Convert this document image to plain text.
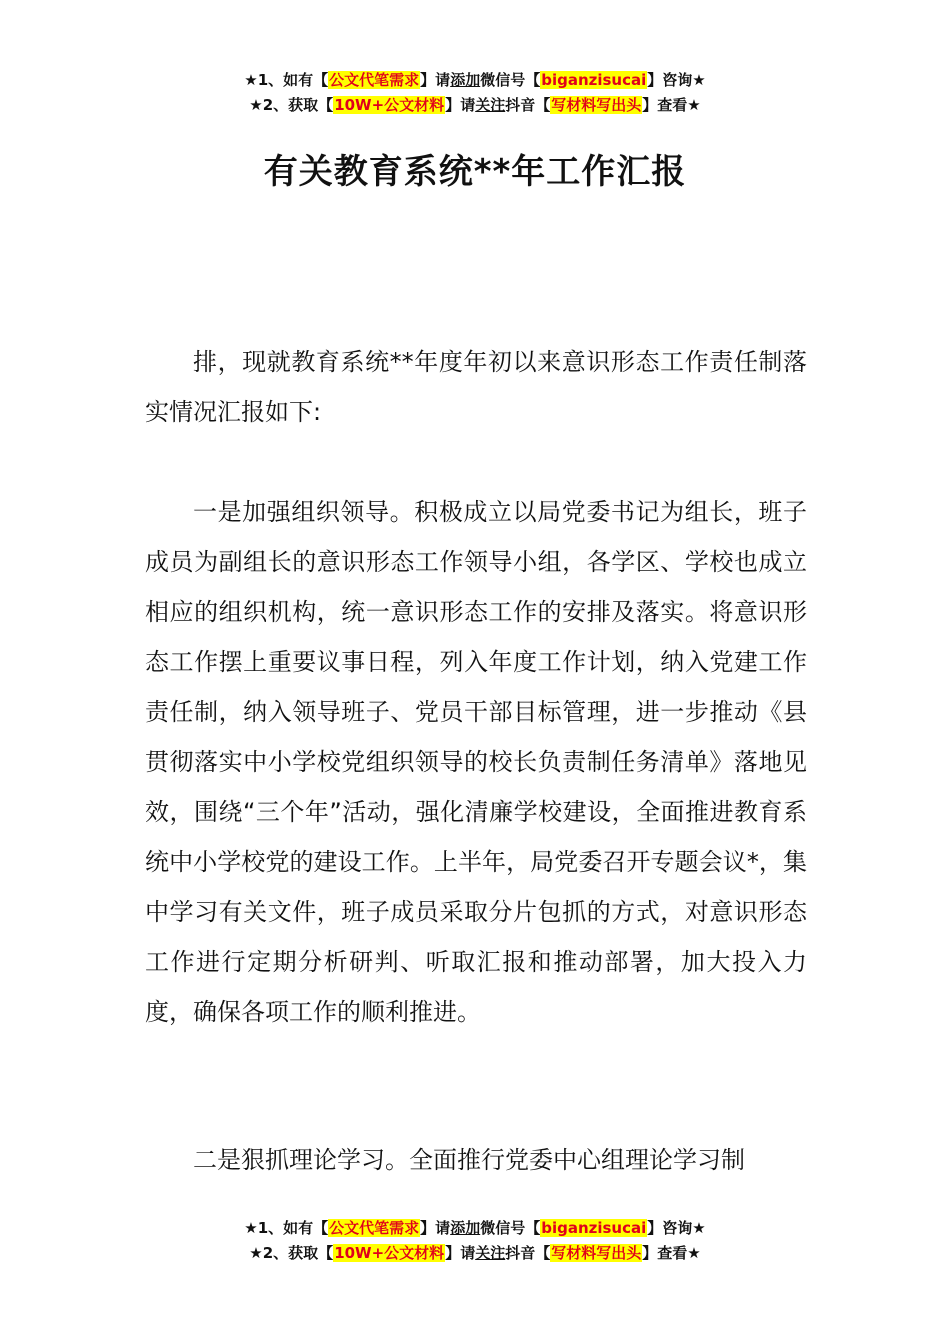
★1、如有【公文代笔需求】请添加微信号【biganzisucai】咨询★
★2、获取【10W+公文材料】请关注抖音【写材料写出头】查看★
有关教育系统**年工作汇报

排，现就教育系统**年度年初以来意识形态工作责任制落实情况汇报如下:

一是加强组织领导。积极成立以局党委书记为组长，班子成员为副组长的意识形态工作领导小组，各学区、学校也成立相应的组织机构，统一意识形态工作的安排及落实。将意识形态工作摆上重要议事日程，列入年度工作计划，纳入党建工作责任制，纳入领导班子、党员干部目标管理，进一步推动《县贯彻落实中小学校党组织领导的校长负责制任务清单》落地见效，围绕“三个年”活动，强化清廉学校建设，全面推进教育系统中小学校党的建设工作。上半年，局党委召开专题会议*，集中学习有关文件，班子成员采取分片包抓的方式，对意识形态工作进行定期分析研判、听取汇报和推动部署，加大投入力度，确保各项工作的顺利推进。

二是狠抓理论学习。全面推行党委中心组理论学习制

★1、如有【公文代笔需求】请添加微信号【biganzisucai】咨询★
★2、获取【10W+公文材料】请关注抖音【写材料写出头】查看★
